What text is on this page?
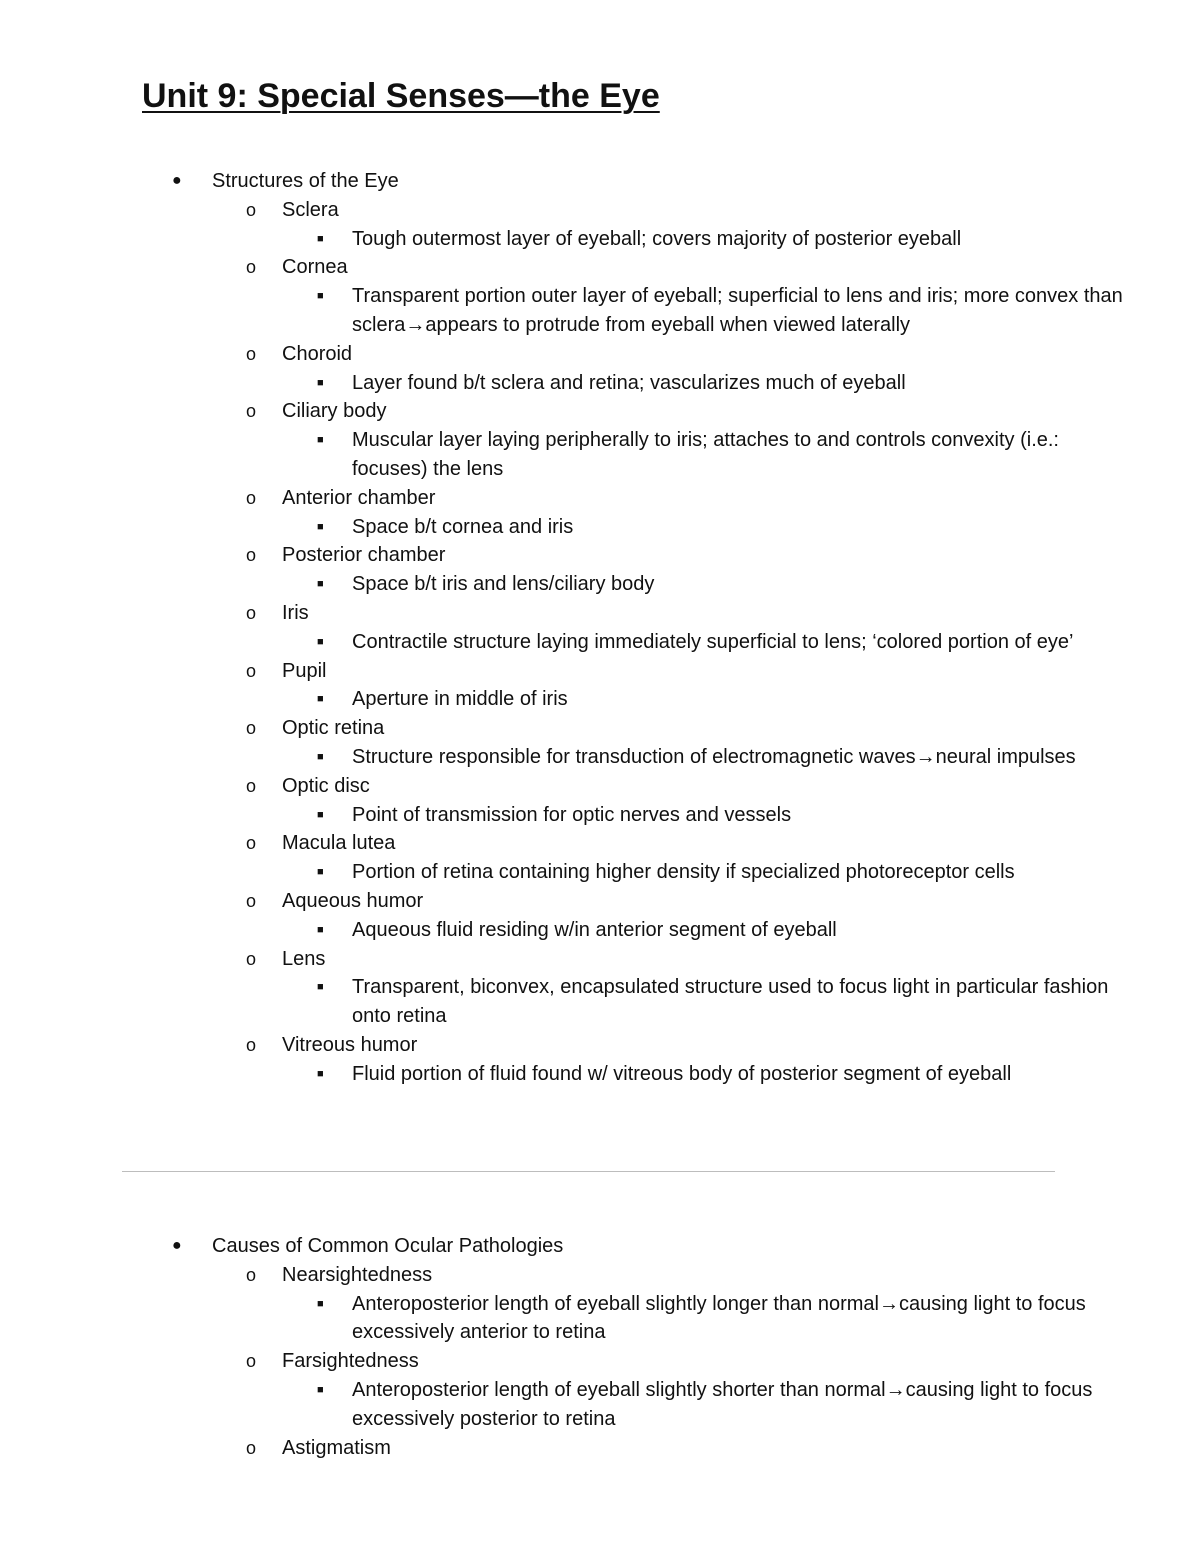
Unit 9: Special Senses—the Eye
● Structures of the Eye
o Sclera
■ Tough outermost layer of eyeball; covers majority of posterior eyeball
o Cornea
■ Transparent portion outer layer of eyeball; superficial to lens and iris; more convex than sclera→appears to protrude from eyeball when viewed laterally
o Choroid
■ Layer found b/t sclera and retina; vascularizes much of eyeball
o Ciliary body
■ Muscular layer laying peripherally to iris; attaches to and controls convexity (i.e.: focuses) the lens
o Anterior chamber
■ Space b/t cornea and iris
o Posterior chamber
■ Space b/t iris and lens/ciliary body
o Iris
■ Contractile structure laying immediately superficial to lens; ‘colored portion of eye’
o Pupil
■ Aperture in middle of iris
o Optic retina
■ Structure responsible for transduction of electromagnetic waves→neural impulses
o Optic disc
■ Point of transmission for optic nerves and vessels
o Macula lutea
■ Portion of retina containing higher density if specialized photoreceptor cells
o Aqueous humor
■ Aqueous fluid residing w/in anterior segment of eyeball
o Lens
■ Transparent, biconvex, encapsulated structure used to focus light in particular fashion onto retina
o Vitreous humor
■ Fluid portion of fluid found w/ vitreous body of posterior segment of eyeball
● Causes of Common Ocular Pathologies
o Nearsightedness
■ Anteroposterior length of eyeball slightly longer than normal→causing light to focus excessively anterior to retina
o Farsightedness
■ Anteroposterior length of eyeball slightly shorter than normal→causing light to focus excessively posterior to retina
o Astigmatism
